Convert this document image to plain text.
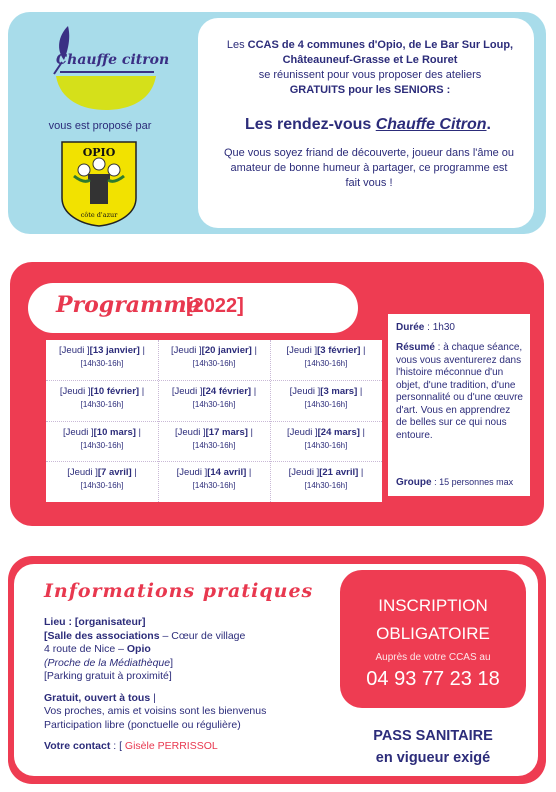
Chauffe citron
vous est proposé par
OPIO
côte d'azur
Les CCAS de 4 communes d'Opio, de Le Bar Sur Loup, Châteauneuf-Grasse et Le Rouret
se réunissent pour vous proposer des ateliers
GRATUITS pour les SENIORS :
Les rendez-vous Chauffe Citron.
Que vous soyez friand de découverte, joueur dans l'âme ou amateur de bonne humeur à partager, ce programme est fait vous !
Programme
[2022]
[Jeudi ][13 janvier] |
[14h30-16h]
[Jeudi ][20 janvier] |
[14h30-16h]
[Jeudi ][3 février] |
[14h30-16h]
[Jeudi ][10 février] |
[14h30-16h]
[Jeudi ][24 février] |
[14h30-16h]
[Jeudi ][3 mars] |
[14h30-16h]
[Jeudi ][10 mars] |
[14h30-16h]
[Jeudi ][17 mars] |
[14h30-16h]
[Jeudi ][24 mars] |
[14h30-16h]
[Jeudi ][7 avril] |
[14h30-16h]
[Jeudi ][14 avril] |
[14h30-16h]
[Jeudi ][21 avril] |
[14h30-16h]

Durée : 1h30

Résumé : à chaque séance, vous vous aventurerez dans l'histoire méconnue d'un objet, d'une tradition, d'une personnalité ou d'une œuvre d'art. Vous en apprendrez de belles sur ce qui nous entoure.

Groupe : 15 personnes max

Informations pratiques
Lieu : [organisateur]
[Salle des associations – Cœur de village
4 route de Nice – Opio
(Proche de la Médiathèque]
[Parking gratuit à proximité]
Gratuit, ouvert à tous |
Vos proches, amis et voisins sont les bienvenus
Participation libre (ponctuelle ou régulière)
Votre contact : [ Gisèle PERRISSOL
INSCRIPTION
OBLIGATOIRE
Auprès de votre CCAS au
04 93 77 23 18
PASS SANITAIRE
en vigueur exigé
